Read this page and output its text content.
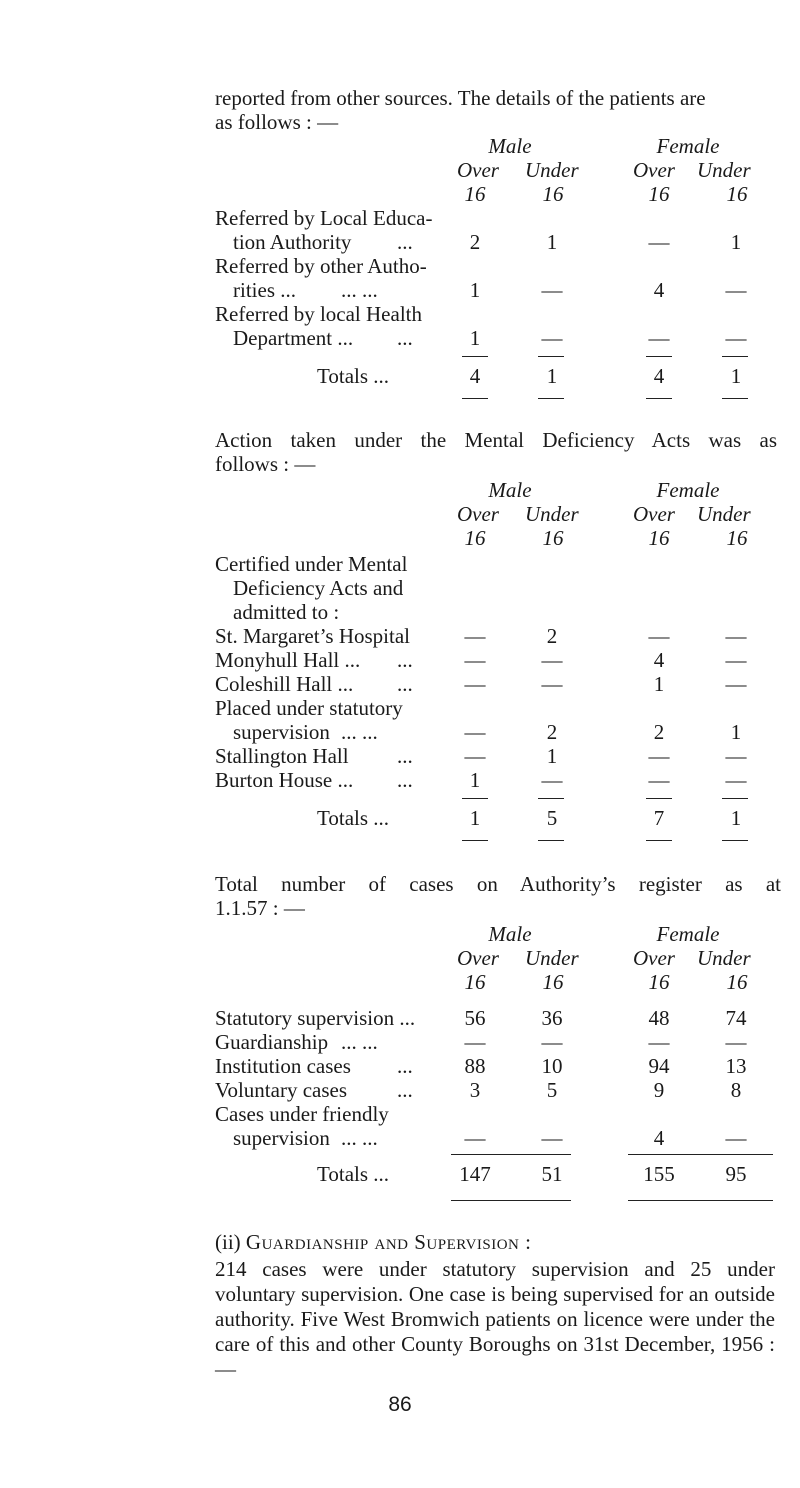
reported from other sources. The details of the patients are
as follows : —
Male	Female
Over Under	Over Under
16	16	16	16
Referred by Local Educa-
tion Authority ...	2	1	—	1
Referred by other Autho-
rities ... ... ...	1	—	4	—
Referred by local Health
Department ... ...	1	—	—	—
Totals ...	4	1	4	1
Action taken under the Mental Deficiency Acts was as
follows : —
Male	Female
Over Under	Over Under
16	16	16	16
Certified under Mental
Deficiency Acts and
admitted to :
St. Margaret’s Hospital	—	2	—	—
Monyhull Hall ... ...	—	—	4	—
Coleshill Hall ... ...	—	—	1	—
Placed under statutory
supervision ... ...	—	2	2	1
Stallington Hall ...	—	1	—	—
Burton House ... ...	1	—	—	—
Totals ...	1	5	7	1
Total number of cases on Authority’s register as at
1.1.57 : —
Male	Female
Over Under	Over Under
16	16	16	16
Statutory supervision ...	56	36	48	74
Guardianship ... ...	—	—	—	—
Institution cases ...	88	10	94	13
Voluntary cases ...	3	5	9	8
Cases under friendly
supervision ... ...	—	—	4	—
Totals ...	147	51	155	95
(ii) Guardianship and Supervision :
214 cases were under statutory supervision and 25 under voluntary supervision. One case is being supervised for an outside authority. Five West Bromwich patients on licence were under the care of this and other County Boroughs on 31st December, 1956 : —
86
